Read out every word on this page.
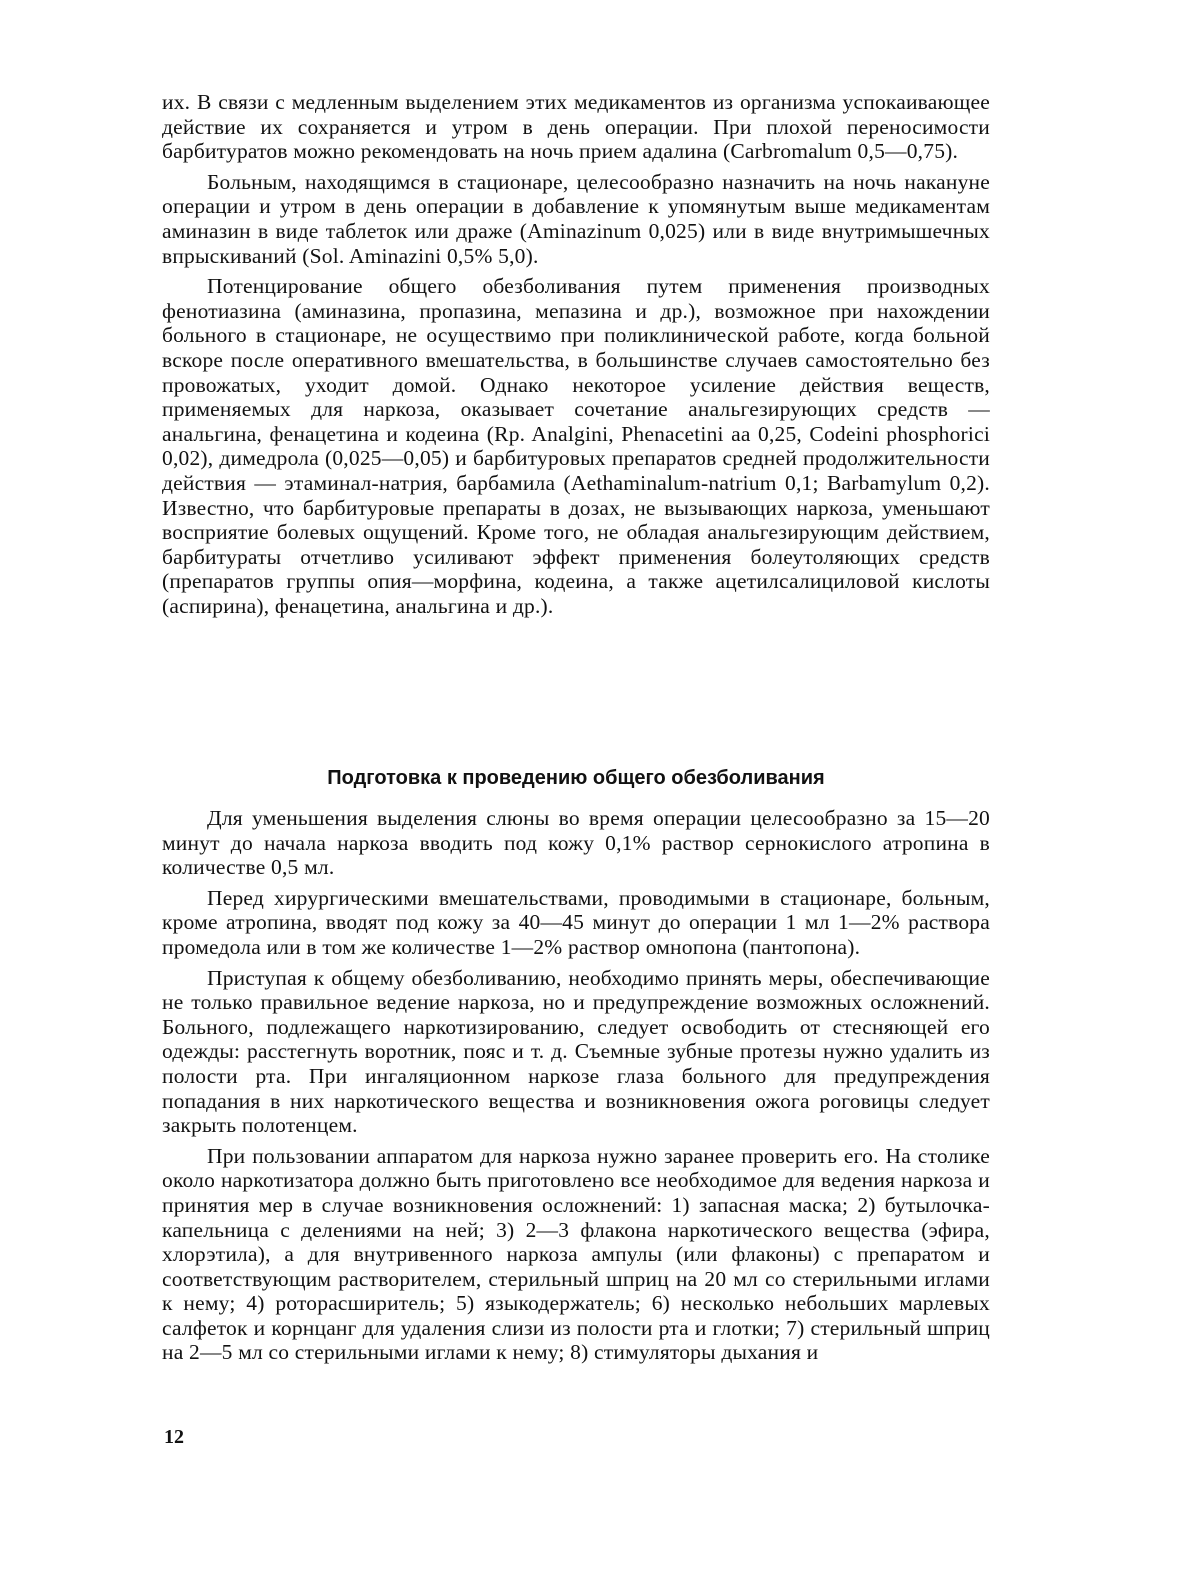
их. В связи с медленным выделением этих медикаментов из организма успокаивающее действие их сохраняется и утром в день операции. При плохой переносимости барбитуратов можно рекомендовать на ночь прием адалина (Carbromalum 0,5—0,75).

Больным, находящимся в стационаре, целесообразно назначить на ночь накануне операции и утром в день операции в добавление к упомянутым выше медикаментам аминазин в виде таблеток или драже (Aminazinum 0,025) или в виде внутримышечных впрыскиваний (Sol. Aminazini 0,5% 5,0).

Потенцирование общего обезболивания путем применения производных фенотиазина (аминазина, пропазина, мепазина и др.), возможное при нахождении больного в стационаре, не осуществимо при поликлинической работе, когда больной вскоре после оперативного вмешательства, в большинстве случаев самостоятельно без провожатых, уходит домой. Однако некоторое усиление действия веществ, применяемых для наркоза, оказывает сочетание анальгезирующих средств — анальгина, фенацетина и кодеина (Rp. Analgini, Phenacetini aa 0,25, Codeini phosphorici 0,02), димедрола (0,025—0,05) и барбитуровых препаратов средней продолжительности действия — этаминал-натрия, барбамила (Aethaminalum-natrium 0,1; Barbamylum 0,2). Известно, что барбитуровые препараты в дозах, не вызывающих наркоза, уменьшают восприятие болевых ощущений. Кроме того, не обладая анальгезирующим действием, барбитураты отчетливо усиливают эффект применения болеутоляющих средств (препаратов группы опия—морфина, кодеина, а также ацетилсалициловой кислоты (аспирина), фенацетина, анальгина и др.).

Подготовка к проведению общего обезболивания

Для уменьшения выделения слюны во время операции целесообразно за 15—20 минут до начала наркоза вводить под кожу 0,1% раствор сернокислого атропина в количестве 0,5 мл.

Перед хирургическими вмешательствами, проводимыми в стационаре, больным, кроме атропина, вводят под кожу за 40—45 минут до операции 1 мл 1—2% раствора промедола или в том же количестве 1—2% раствор омнопона (пантопона).

Приступая к общему обезболиванию, необходимо принять меры, обеспечивающие не только правильное ведение наркоза, но и предупреждение возможных осложнений. Больного, подлежащего наркотизированию, следует освободить от стесняющей его одежды: расстегнуть воротник, пояс и т. д. Съемные зубные протезы нужно удалить из полости рта. При ингаляционном наркозе глаза больного для предупреждения попадания в них наркотического вещества и возникновения ожога роговицы следует закрыть полотенцем.

При пользовании аппаратом для наркоза нужно заранее проверить его. На столике около наркотизатора должно быть приготовлено все необходимое для ведения наркоза и принятия мер в случае возникновения осложнений: 1) запасная маска; 2) бутылочка-капельница с делениями на ней; 3) 2—3 флакона наркотического вещества (эфира, хлорэтила), а для внутривенного наркоза ампулы (или флаконы) с препаратом и соответствующим растворителем, стерильный шприц на 20 мл со стерильными иглами к нему; 4) роторасширитель; 5) языкодержатель; 6) несколько небольших марлевых салфеток и корнцанг для удаления слизи из полости рта и глотки; 7) стерильный шприц на 2—5 мл со стерильными иглами к нему; 8) стимуляторы дыхания и

12
